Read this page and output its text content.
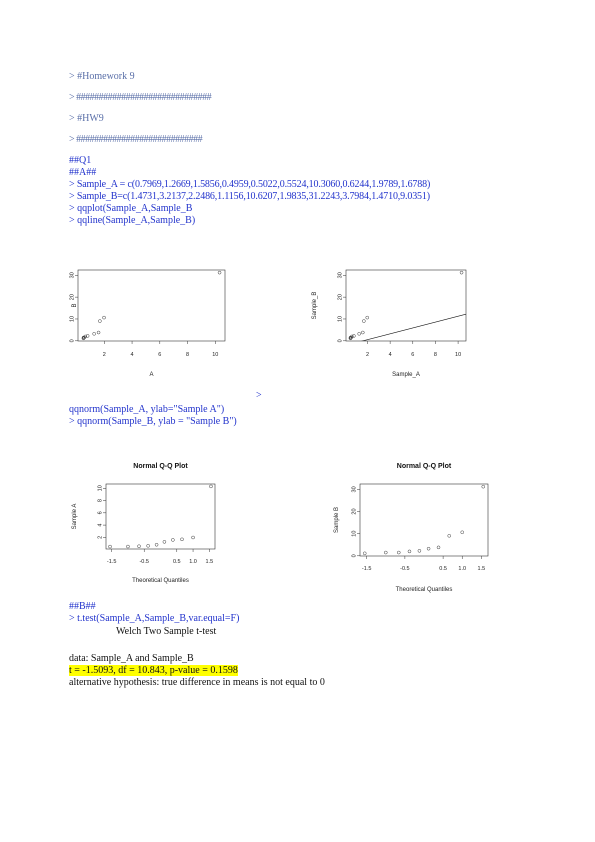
> #Homework 9
> ##############################
> #HW9
> ############################
##Q1
##A##
> Sample_A = c(0.7969,1.2669,1.5856,0.4959,0.5022,0.5524,10.3060,0.6244,1.9789,1.6788)
> Sample_B=c(1.4731,3.2137,2.2486,1.1156,10.6207,1.9835,31.2243,3.7984,1.4710,9.0351)
> qqplot(Sample_A,Sample_B
> qqline(Sample_A,Sample_B)
2	4	6	8	10
0
10
20
30
A
B
2	4	6	8	10
0
10
20
30
Sample_A
Sample_B
>
qqnorm(Sample_A, ylab="Sample A")
> qqnorm(Sample_B, ylab = "Sample B")
Normal Q-Q Plot
-1.5	-0.5	0.5 1.0 1.5
2
4
6
8
10
Theoretical Quantiles
Sample A
Normal Q-Q Plot
-1.5	-0.5	0.5 1.0 1.5
0
10
20
30
Theoretical Quantiles
Sample B
##B##
> t.test(Sample_A,Sample_B,var.equal=F)
Welch Two Sample t-test
data: Sample_A and Sample_B
t = -1.5093, df = 10.843, p-value = 0.1598
alternative hypothesis: true difference in means is not equal to 0
